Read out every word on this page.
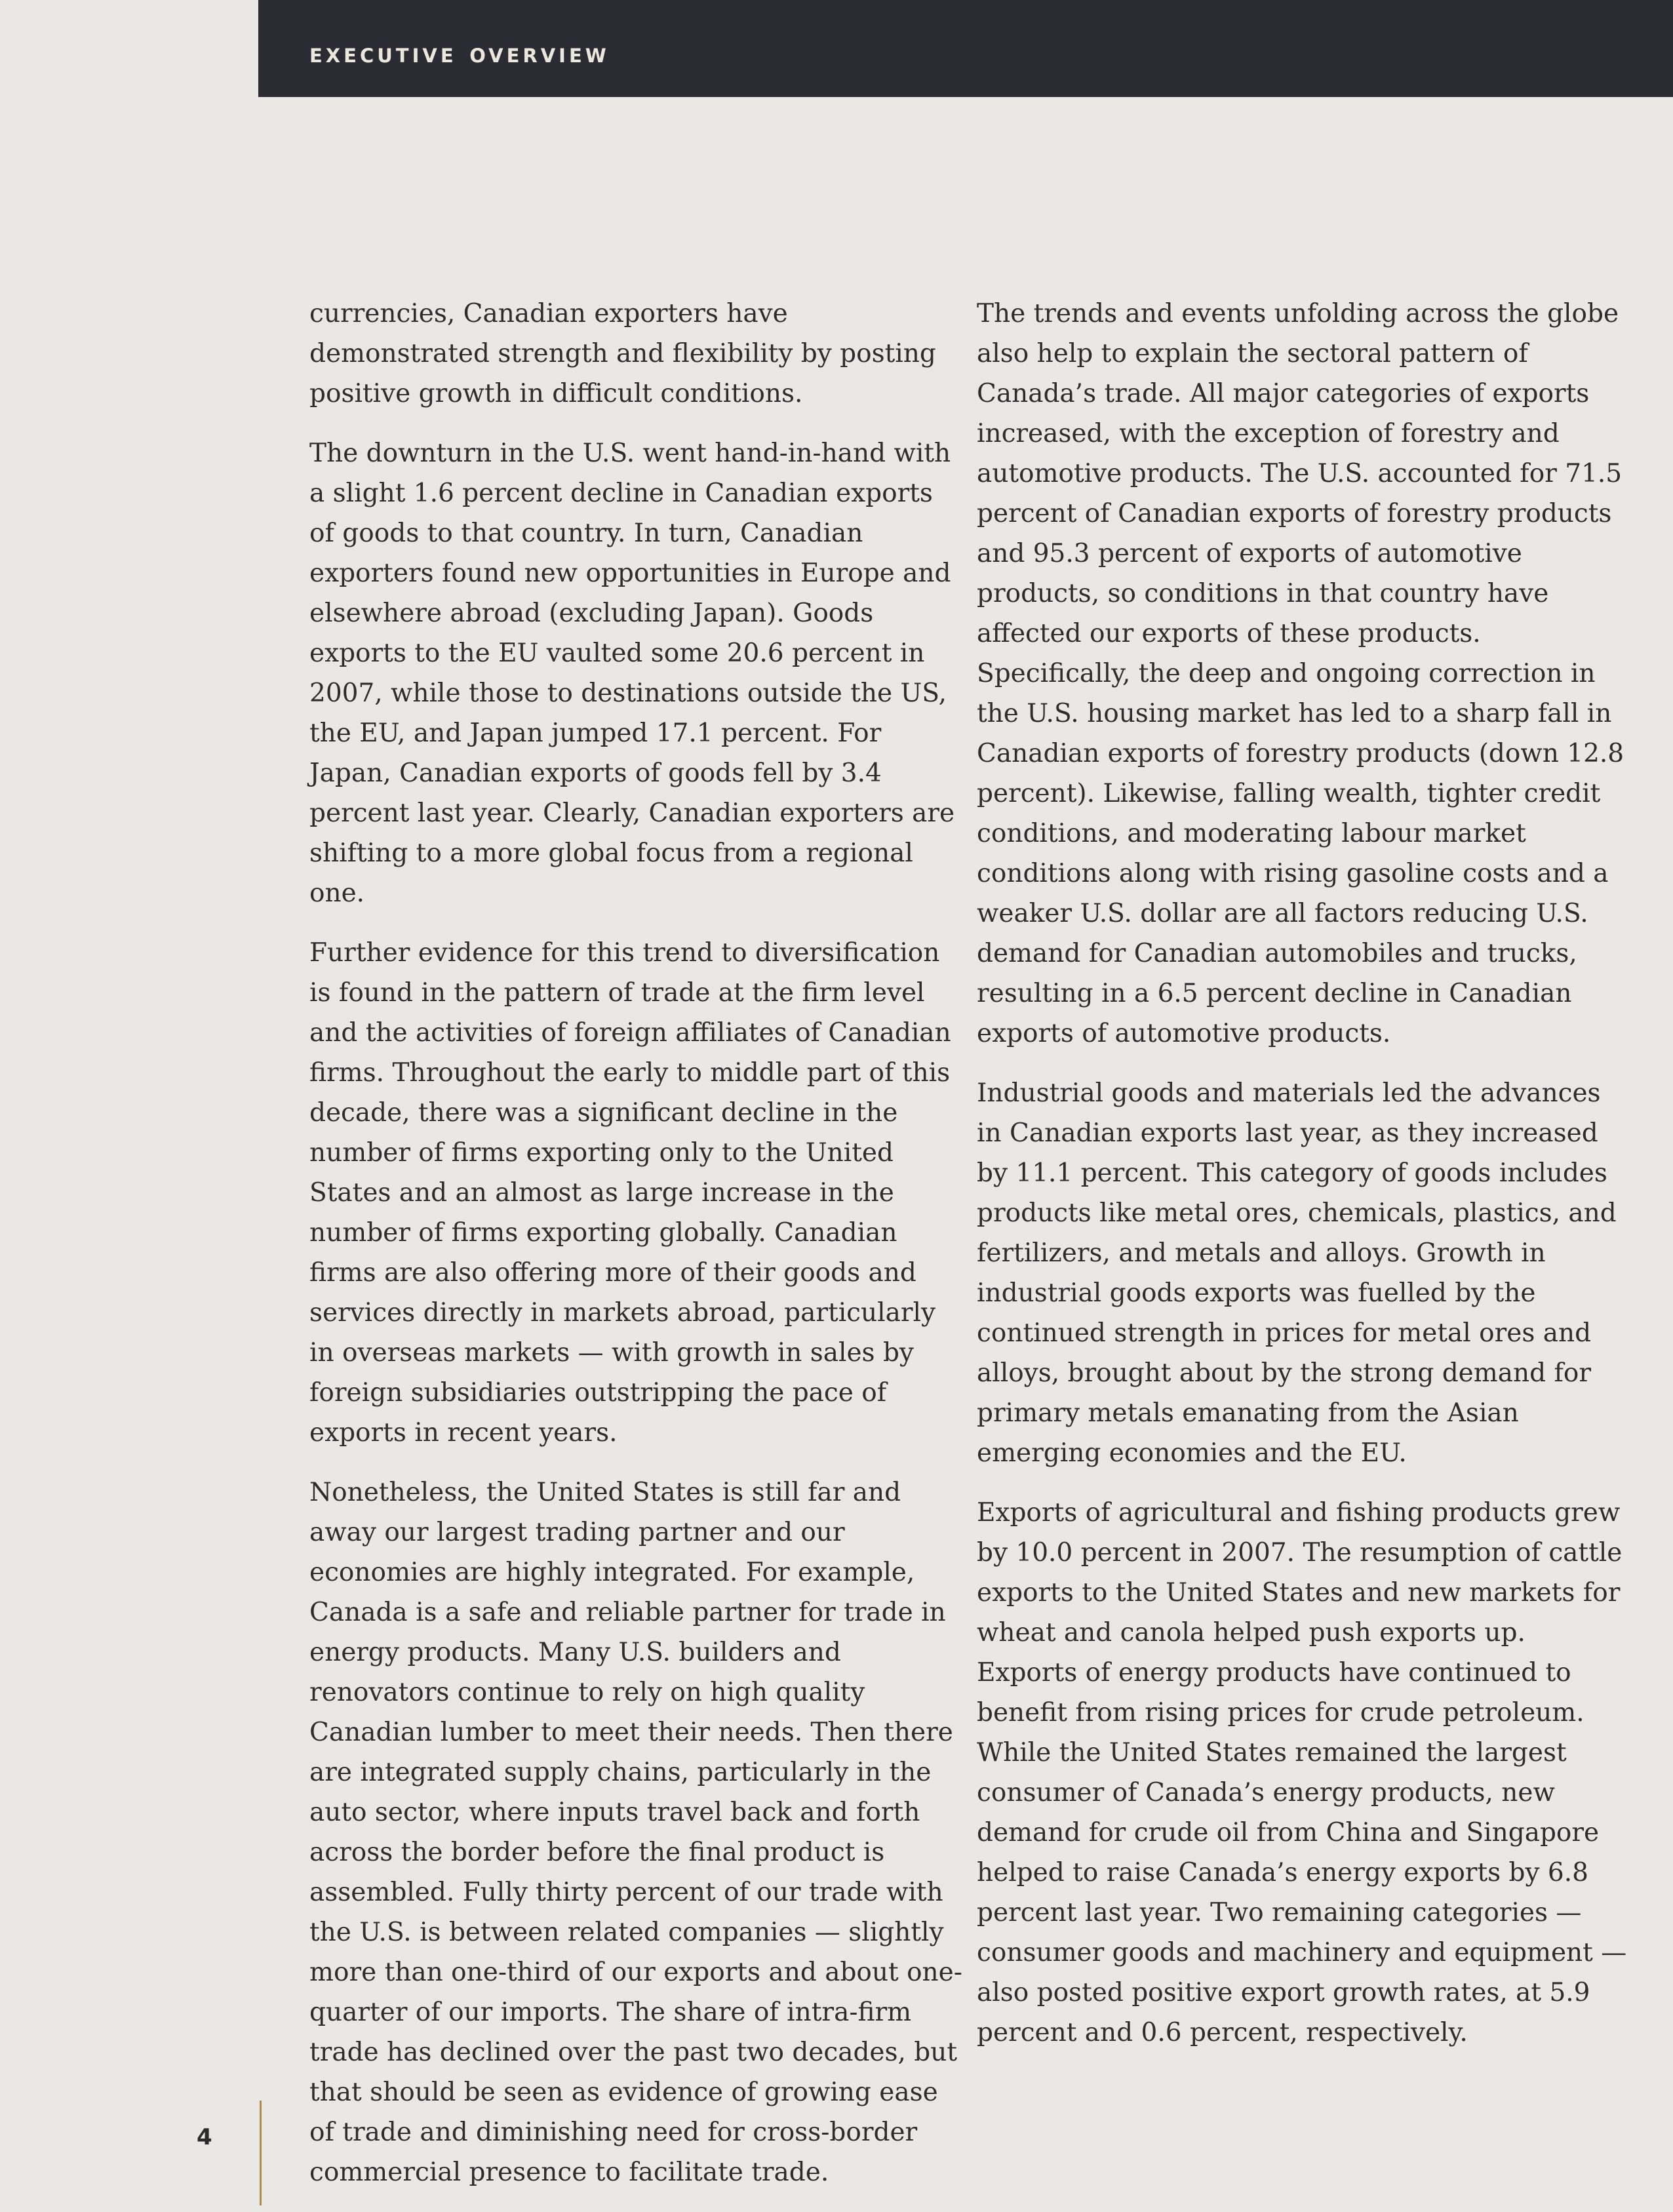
executive overview

currencies, Canadian exporters have demonstrated strength and flexibility by posting positive growth in difficult conditions.

The downturn in the U.S. went hand-in-hand with a slight 1.6 percent decline in Canadian exports of goods to that country. In turn, Canadian exporters found new opportunities in Europe and elsewhere abroad (excluding Japan). Goods exports to the EU vaulted some 20.6 percent in 2007, while those to destinations outside the US, the EU, and Japan jumped 17.1 percent. For Japan, Canadian exports of goods fell by 3.4 percent last year. Clearly, Canadian exporters are shifting to a more global focus from a regional one.

Further evidence for this trend to diversification is found in the pattern of trade at the firm level and the activities of foreign affiliates of Canadian firms. Throughout the early to middle part of this decade, there was a significant decline in the number of firms exporting only to the United States and an almost as large increase in the number of firms exporting globally. Canadian firms are also offering more of their goods and services directly in markets abroad, particularly in overseas markets — with growth in sales by foreign subsidiaries outstripping the pace of exports in recent years.

Nonetheless, the United States is still far and away our largest trading partner and our economies are highly integrated. For example, Canada is a safe and reliable partner for trade in energy products. Many U.S. builders and renovators continue to rely on high quality Canadian lumber to meet their needs. Then there are integrated supply chains, particularly in the auto sector, where inputs travel back and forth across the border before the final product is assembled. Fully thirty percent of our trade with the U.S. is between related companies — slightly more than one-third of our exports and about one-quarter of our imports. The share of intra-firm trade has declined over the past two decades, but that should be seen as evidence of growing ease of trade and diminishing need for cross-border commercial presence to facilitate trade.

The trends and events unfolding across the globe also help to explain the sectoral pattern of Canada’s trade. All major categories of exports increased, with the exception of forestry and automotive products. The U.S. accounted for 71.5 percent of Canadian exports of forestry products and 95.3 percent of exports of automotive products, so conditions in that country have affected our exports of these products. Specifically, the deep and ongoing correction in the U.S. housing market has led to a sharp fall in Canadian exports of forestry products (down 12.8 percent). Likewise, falling wealth, tighter credit conditions, and moderating labour market conditions along with rising gasoline costs and a weaker U.S. dollar are all factors reducing U.S. demand for Canadian automobiles and trucks, resulting in a 6.5 percent decline in Canadian exports of automotive products.

Industrial goods and materials led the advances in Canadian exports last year, as they increased by 11.1 percent. This category of goods includes products like metal ores, chemicals, plastics, and fertilizers, and metals and alloys. Growth in industrial goods exports was fuelled by the continued strength in prices for metal ores and alloys, brought about by the strong demand for primary metals emanating from the Asian emerging economies and the EU.

Exports of agricultural and fishing products grew by 10.0 percent in 2007. The resumption of cattle exports to the United States and new markets for wheat and canola helped push exports up. Exports of energy products have continued to benefit from rising prices for crude petroleum. While the United States remained the largest consumer of Canada’s energy products, new demand for crude oil from China and Singapore helped to raise Canada’s energy exports by 6.8 percent last year. Two remaining categories — consumer goods and machinery and equipment — also posted positive export growth rates, at 5.9 percent and 0.6 percent, respectively.

4
